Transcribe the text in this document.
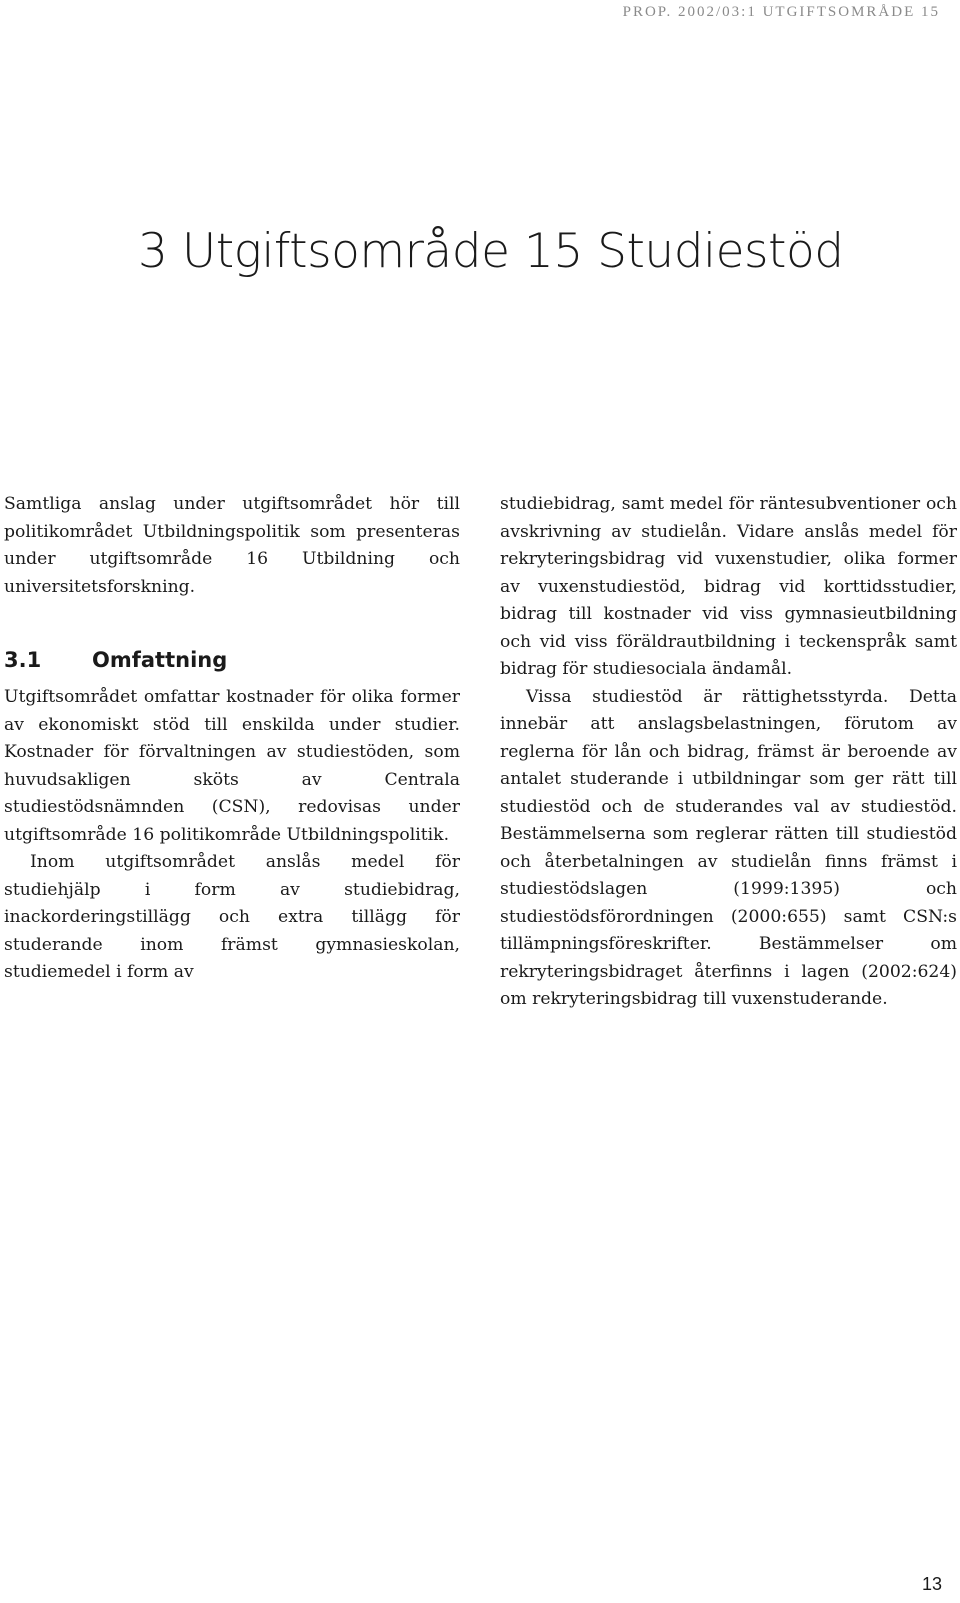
PROP. 2002/03:1 UTGIFTSOMRÅDE 15
3 Utgiftsområde 15 Studiestöd

Samtliga anslag under utgiftsområdet hör till politikområdet Utbildningspolitik som presenteras under utgiftsområde 16 Utbildning och universitetsforskning.

3.1 Omfattning

Utgiftsområdet omfattar kostnader för olika former av ekonomiskt stöd till enskilda under studier. Kostnader för förvaltningen av studiestöden, som huvudsakligen sköts av Centrala studiestödsnämnden (CSN), redovisas under utgiftsområde 16 politikområde Utbildningspolitik.

Inom utgiftsområdet anslås medel för studiehjälp i form av studiebidrag, inackorderingstillägg och extra tillägg för studerande inom främst gymnasieskolan, studiemedel i form av

studiebidrag, samt medel för räntesubventioner och avskrivning av studielån. Vidare anslås medel för rekryteringsbidrag vid vuxenstudier, olika former av vuxenstudiestöd, bidrag vid korttidsstudier, bidrag till kostnader vid viss gymnasieutbildning och vid viss föräldrautbildning i teckenspråk samt bidrag för studiesociala ändamål.

Vissa studiestöd är rättighetsstyrda. Detta innebär att anslagsbelastningen, förutom av reglerna för lån och bidrag, främst är beroende av antalet studerande i utbildningar som ger rätt till studiestöd och de studerandes val av studiestöd. Bestämmelserna som reglerar rätten till studiestöd och återbetalningen av studielån finns främst i studiestödslagen (1999:1395) och studiestödsförordningen (2000:655) samt CSN:s tillämpningsföreskrifter. Bestämmelser om rekryteringsbidraget återfinns i lagen (2002:624) om rekryteringsbidrag till vuxenstuderande.

13
